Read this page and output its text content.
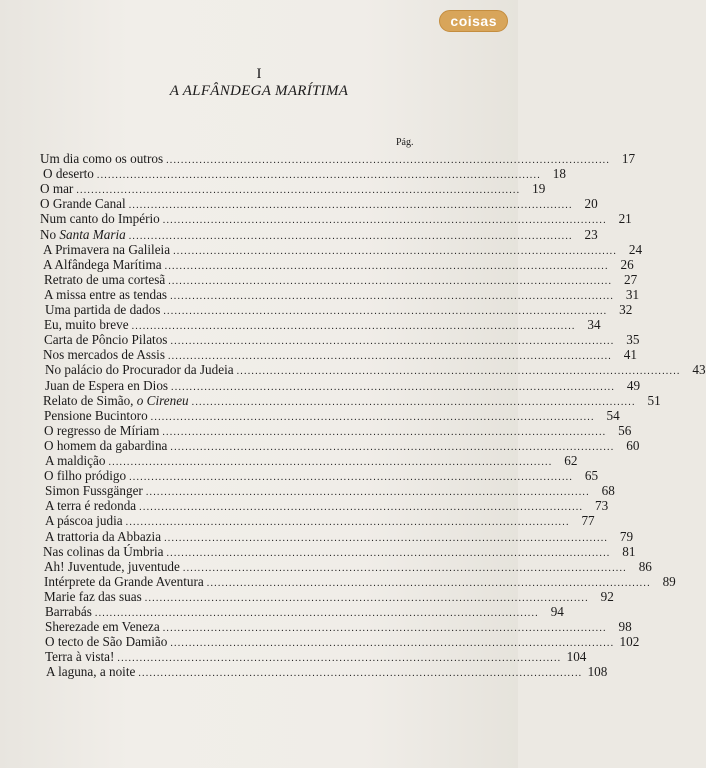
coisas
I
A ALFÂNDEGA MARÍTIMA
Pág.
Um dia como os outros ........................................................................................................................ 17
O deserto ........................................................................................................................ 18
O mar ........................................................................................................................ 19
O Grande Canal ........................................................................................................................ 20
Num canto do Império ........................................................................................................................ 21
No Santa Maria ........................................................................................................................ 23
A Primavera na Galileia ........................................................................................................................ 24
A Alfândega Marítima ........................................................................................................................ 26
Retrato de uma cortesã ........................................................................................................................ 27
A missa entre as tendas ........................................................................................................................ 31
Uma partida de dados ........................................................................................................................ 32
Eu, muito breve ........................................................................................................................ 34
Carta de Pôncio Pilatos ........................................................................................................................ 35
Nos mercados de Assis ........................................................................................................................ 41
No palácio do Procurador da Judeia ........................................................................................................................ 43
Juan de Espera en Dios ........................................................................................................................ 49
Relato de Simão, o Cireneu ........................................................................................................................ 51
Pensione Bucintoro ........................................................................................................................ 54
O regresso de Míriam ........................................................................................................................ 56
O homem da gabardina ........................................................................................................................ 60
A maldição ........................................................................................................................ 62
O filho pródigo ........................................................................................................................ 65
Simon Fussgänger ........................................................................................................................ 68
A terra é redonda ........................................................................................................................ 73
A páscoa judia ........................................................................................................................ 77
A trattoria da Abbazia ........................................................................................................................ 79
Nas colinas da Úmbria ........................................................................................................................ 81
Ah! Juventude, juventude ........................................................................................................................ 86
Intérprete da Grande Aventura ........................................................................................................................ 89
Marie faz das suas ........................................................................................................................ 92
Barrabás ........................................................................................................................ 94
Sherezade em Veneza ........................................................................................................................ 98
O tecto de São Damião ........................................................................................................................ 102
Terra à vista! ........................................................................................................................ 104
A laguna, a noite ........................................................................................................................ 108
